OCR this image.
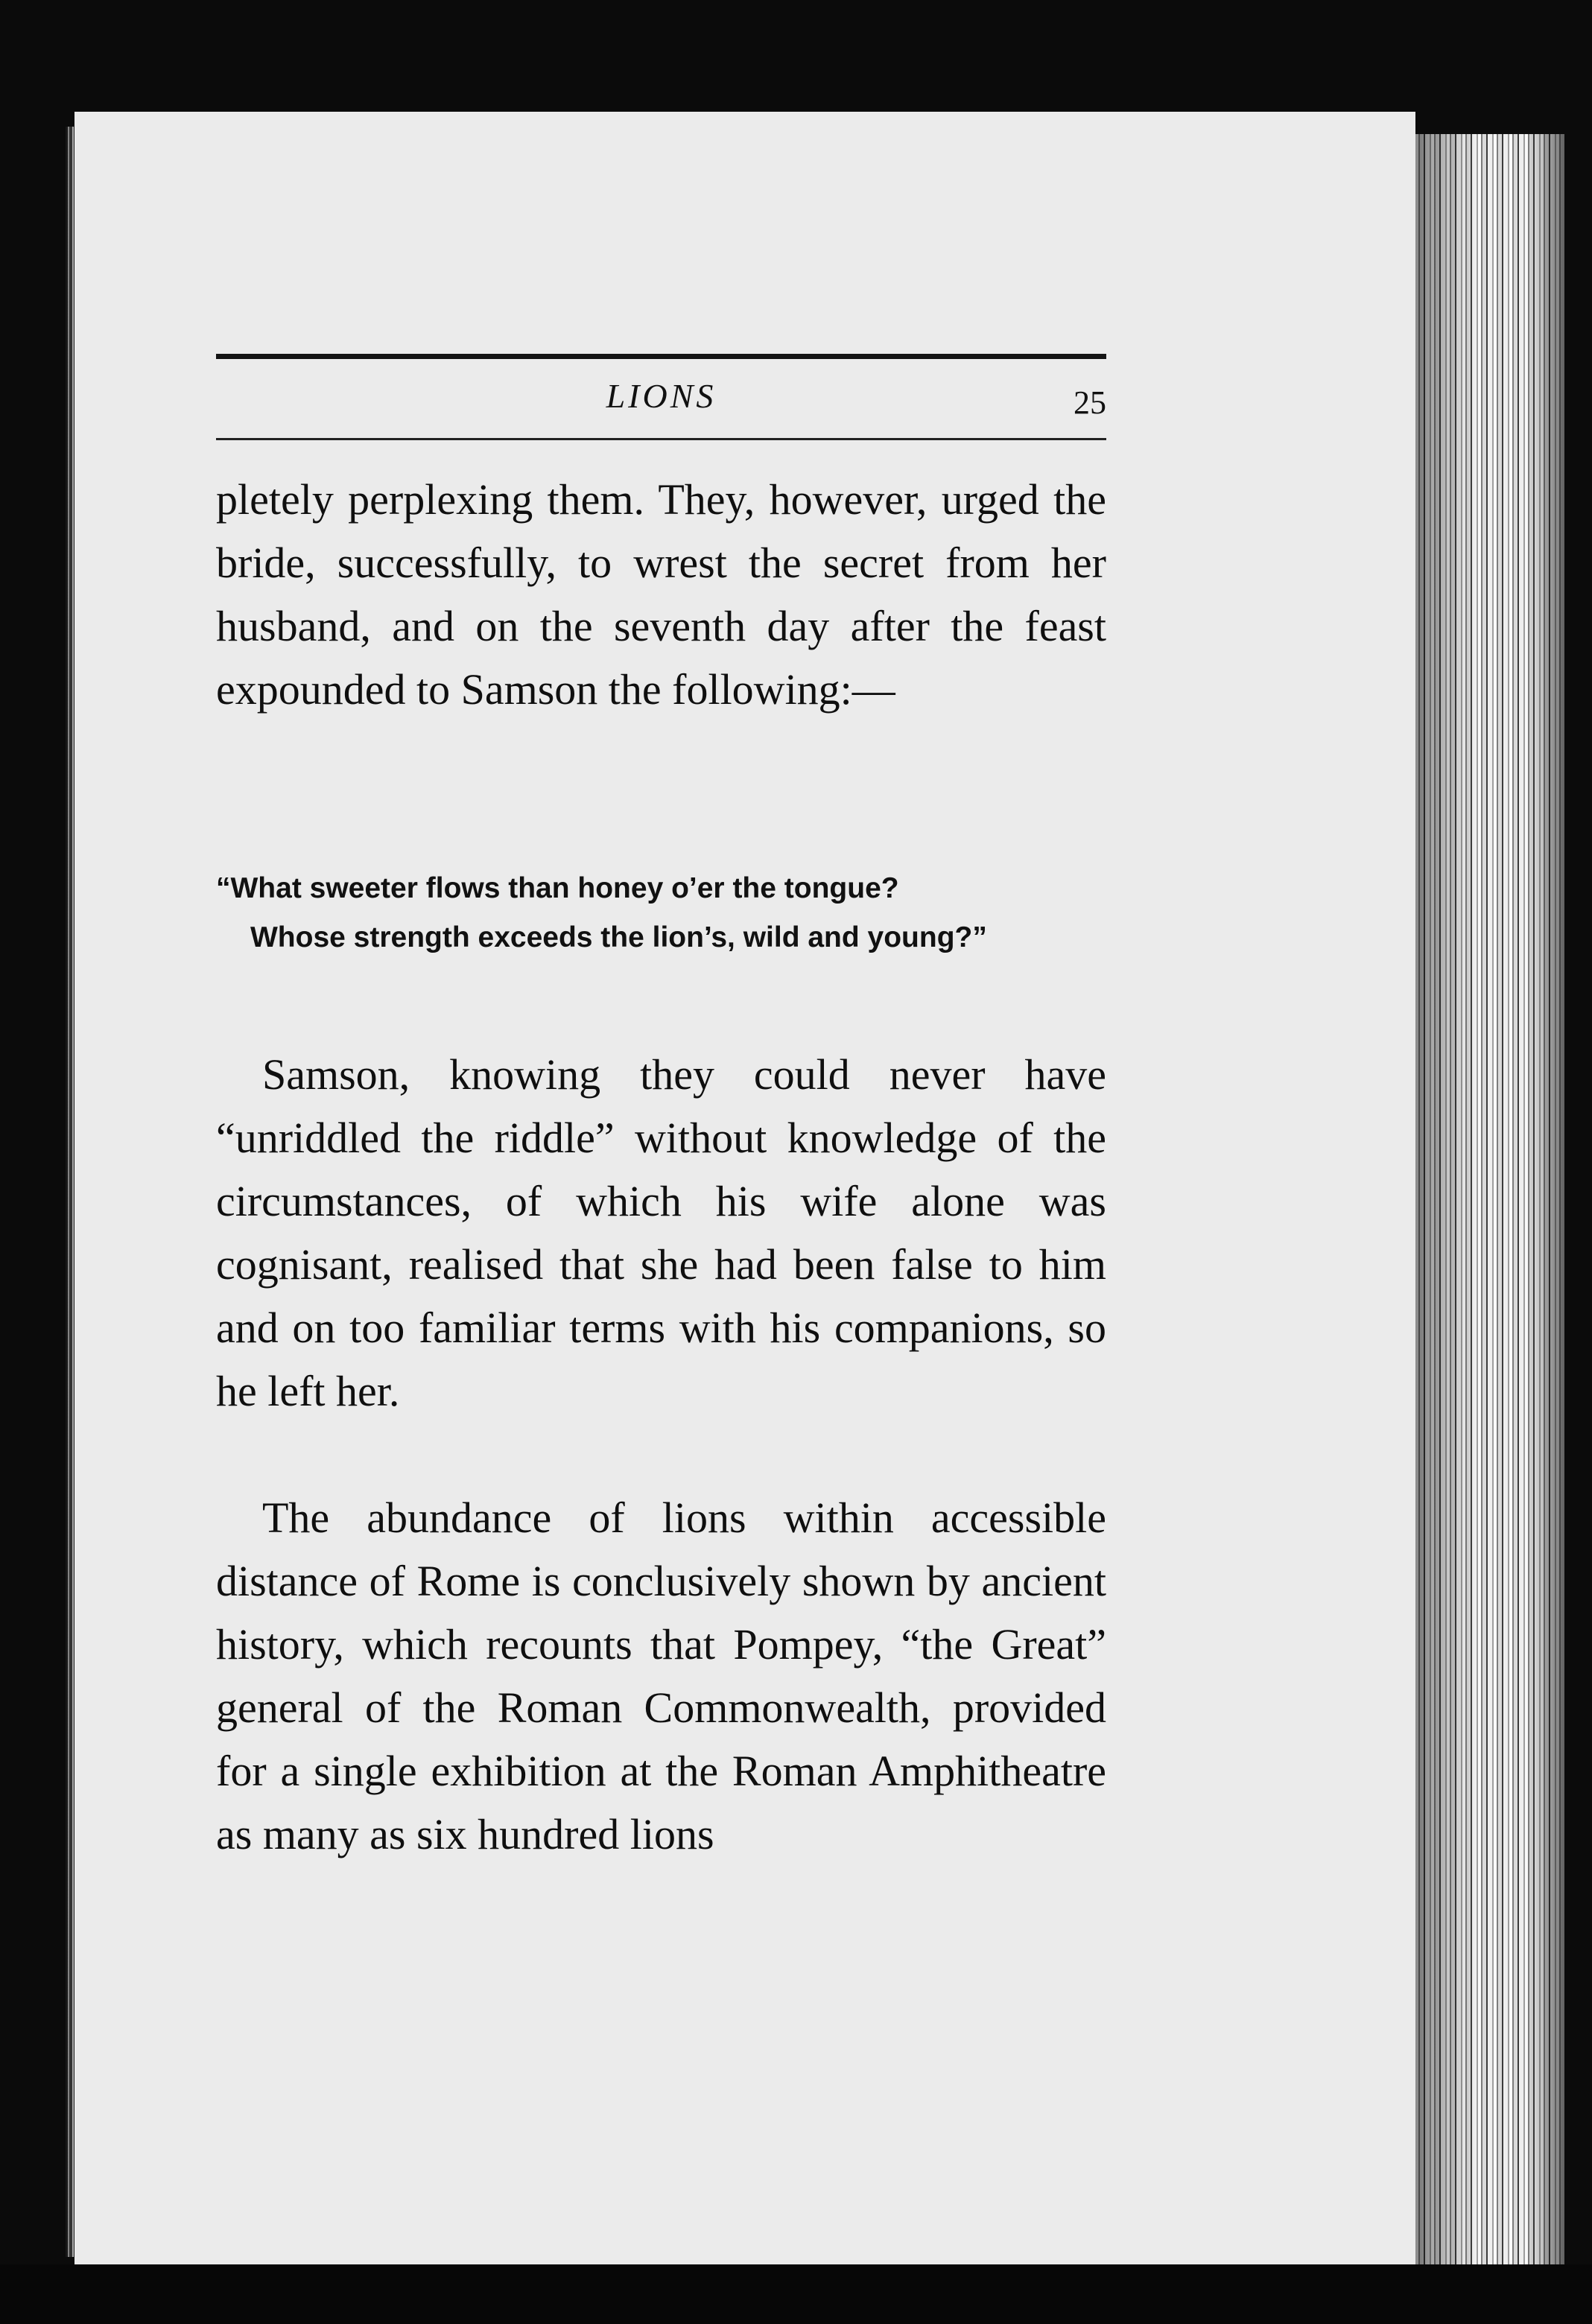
LIONS	25

pletely perplexing them. They, however, urged the bride, successfully, to wrest the secret from her husband, and on the seventh day after the feast expounded to Samson the following:—

“What sweeter flows than honey o’er the tongue?
Whose strength exceeds the lion’s, wild and young?”

Samson, knowing they could never have “unriddled the riddle” without knowledge of the circumstances, of which his wife alone was cognisant, realised that she had been false to him and on too familiar terms with his companions, so he left her.

The abundance of lions within accessible distance of Rome is conclusively shown by ancient history, which recounts that Pompey, “the Great” general of the Roman Commonwealth, provided for a single exhibition at the Roman Amphitheatre as many as six hundred lions
